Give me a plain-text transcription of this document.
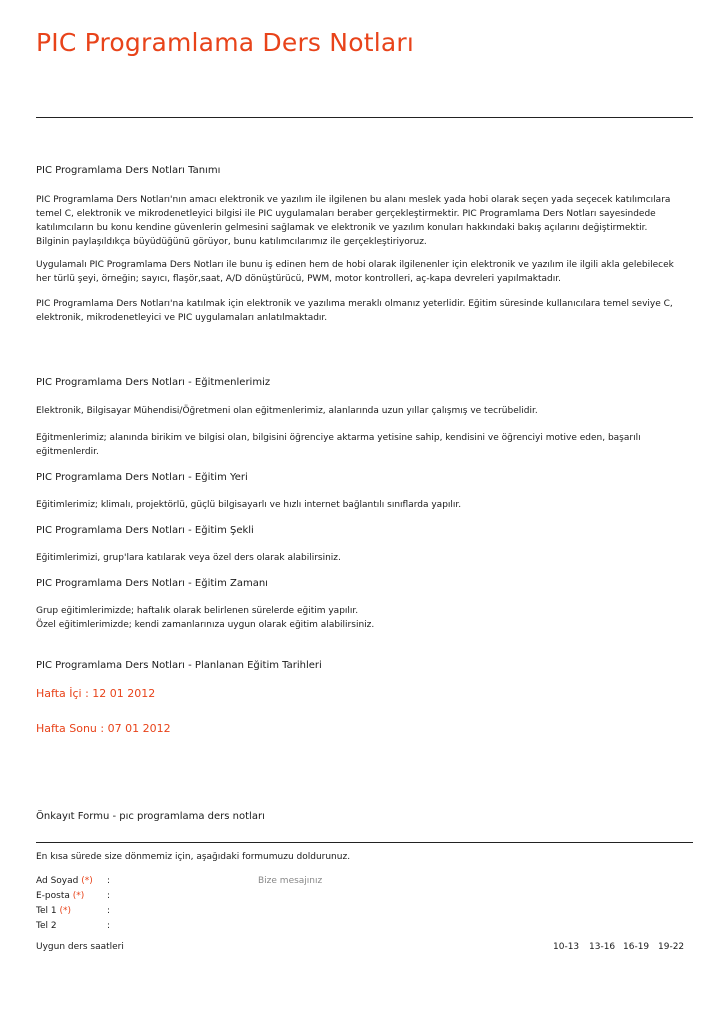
PIC Programlama Ders Notları
PIC Programlama Ders Notları Tanımı
PIC Programlama Ders Notları'nın amacı elektronik ve yazılım ile ilgilenen bu alanı meslek yada hobi olarak seçen yada seçecek katılımcılara
temel C, elektronik ve mikrodenetleyici bilgisi ile PIC uygulamaları beraber gerçekleştirmektir. PIC Programlama Ders Notları sayesindede
katılımcıların bu konu kendine güvenlerin gelmesini sağlamak ve elektronik ve yazılım konuları hakkındaki bakış açılarını değiştirmektir.
Bilginin paylaşıldıkça büyüdüğünü görüyor, bunu katılımcılarımız ile gerçekleştiriyoruz.
Uygulamalı PIC Programlama Ders Notları ile bunu iş edinen hem de hobi olarak ilgilenenler için elektronik ve yazılım ile ilgili akla gelebilecek
her türlü şeyi, örneğin; sayıcı, flaşör,saat, A/D dönüştürücü, PWM, motor kontrolleri, aç-kapa devreleri yapılmaktadır.
PIC Programlama Ders Notları'na katılmak için elektronik ve yazılıma meraklı olmanız yeterlidir. Eğitim süresinde kullanıcılara temel seviye C,
elektronik, mikrodenetleyici ve PIC uygulamaları anlatılmaktadır.
PIC Programlama Ders Notları - Eğitmenlerimiz
Elektronik, Bilgisayar Mühendisi/Öğretmeni olan eğitmenlerimiz, alanlarında uzun yıllar çalışmış ve tecrübelidir.
Eğitmenlerimiz; alanında birikim ve bilgisi olan, bilgisini öğrenciye aktarma yetisine sahip, kendisini ve öğrenciyi motive eden, başarılı
eğitmenlerdir.
PIC Programlama Ders Notları - Eğitim Yeri
Eğitimlerimiz; klimalı, projektörlü, güçlü bilgisayarlı ve hızlı internet bağlantılı sınıflarda yapılır.
PIC Programlama Ders Notları - Eğitim Şekli
Eğitimlerimizi, grup'lara katılarak veya özel ders olarak alabilirsiniz.
PIC Programlama Ders Notları - Eğitim Zamanı
Grup eğitimlerimizde; haftalık olarak belirlenen sürelerde eğitim yapılır.
Özel eğitimlerimizde; kendi zamanlarınıza uygun olarak eğitim alabilirsiniz.
PIC Programlama Ders Notları - Planlanan Eğitim Tarihleri
Hafta İçi : 12 01 2012
Hafta Sonu : 07 01 2012
Önkayıt Formu - pıc programlama ders notları
En kısa sürede size dönmemiz için, aşağıdaki formumuzu doldurunuz.
Ad Soyad (*) :	Bize mesajınız
E-posta (*)	:
Tel 1 (*)	:
Tel 2	:
Uygun ders saatleri	10-13 13-16 16-19 19-22
